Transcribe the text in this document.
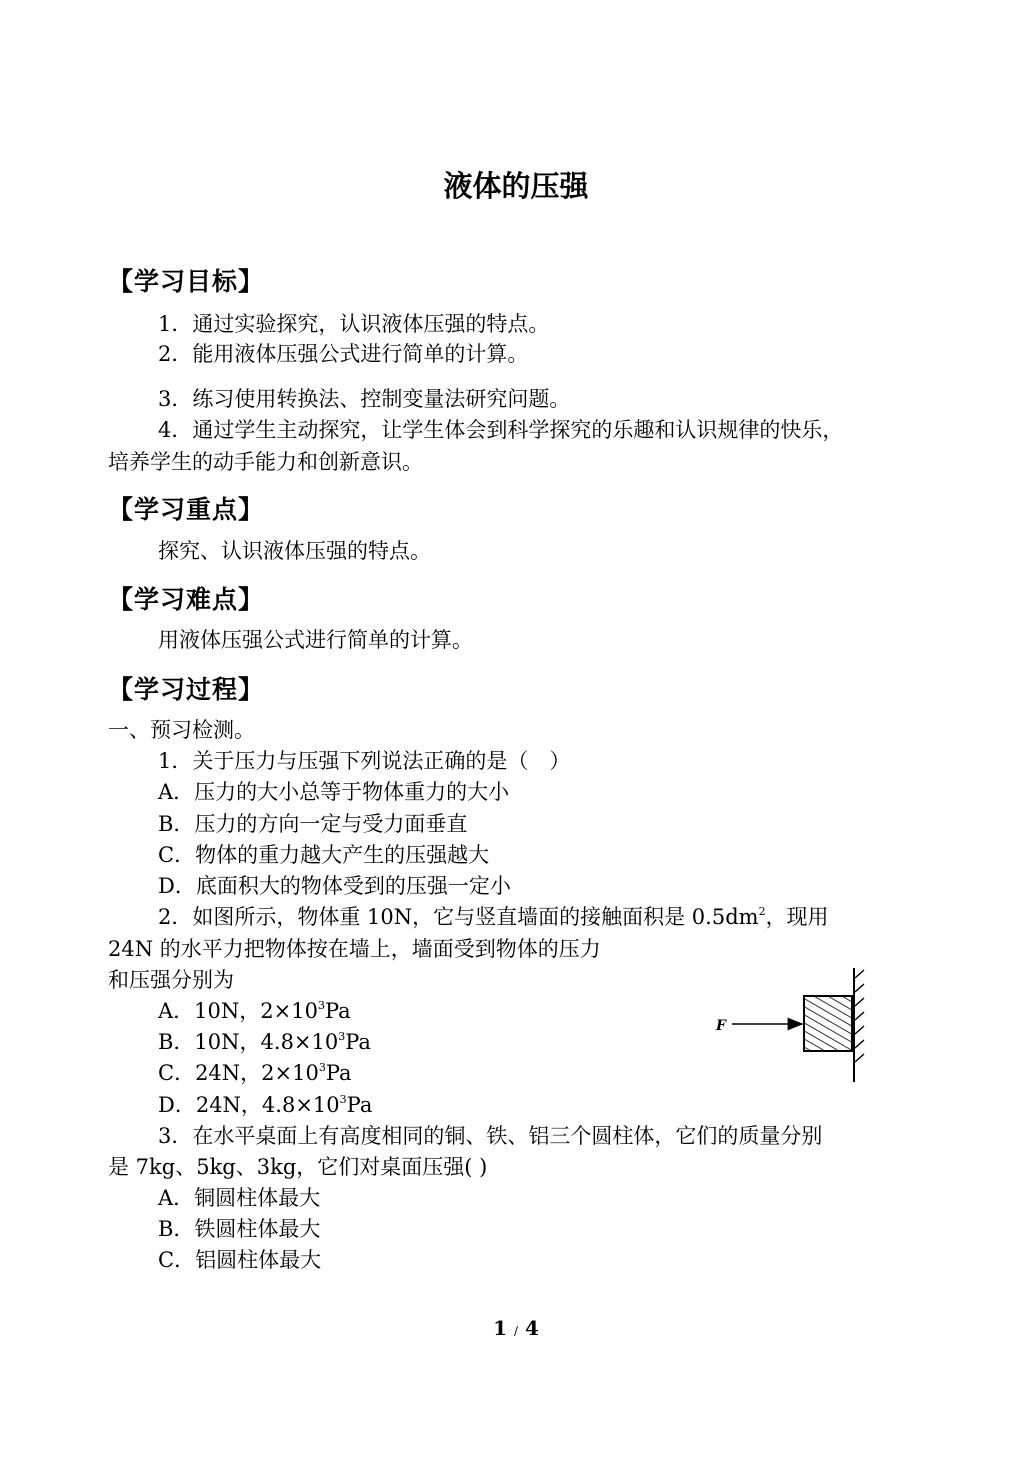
液体的压强
【学习目标】
1．通过实验探究，认识液体压强的特点。
2．能用液体压强公式进行简单的计算。
3．练习使用转换法、控制变量法研究问题。
4．通过学生主动探究，让学生体会到科学探究的乐趣和认识规律的快乐，
培养学生的动手能力和创新意识。
【学习重点】
探究、认识液体压强的特点。
【学习难点】
用液体压强公式进行简单的计算。
【学习过程】
一、预习检测。
1．关于压力与压强下列说法正确的是（　）
A．压力的大小总等于物体重力的大小
B．压力的方向一定与受力面垂直
C．物体的重力越大产生的压强越大
D．底面积大的物体受到的压强一定小
2．如图所示，物体重 10N，它与竖直墙面的接触面积是 $0.5dm^2$，现用
24N 的水平力把物体按在墙上，墙面受到物体的压力
和压强分别为
A．10N，$2\times 10^3Pa$
B．10N，$4.8\times 10^3Pa$
C．24N，$2\times 10^3Pa$
D．24N，$4.8\times 10^3Pa$
F
3．在水平桌面上有高度相同的铜、铁、铝三个圆柱体，它们的质量分别
是 7kg、5kg、3kg，它们对桌面压强( )
A．铜圆柱体最大
B．铁圆柱体最大
C．铝圆柱体最大
1 / 4
